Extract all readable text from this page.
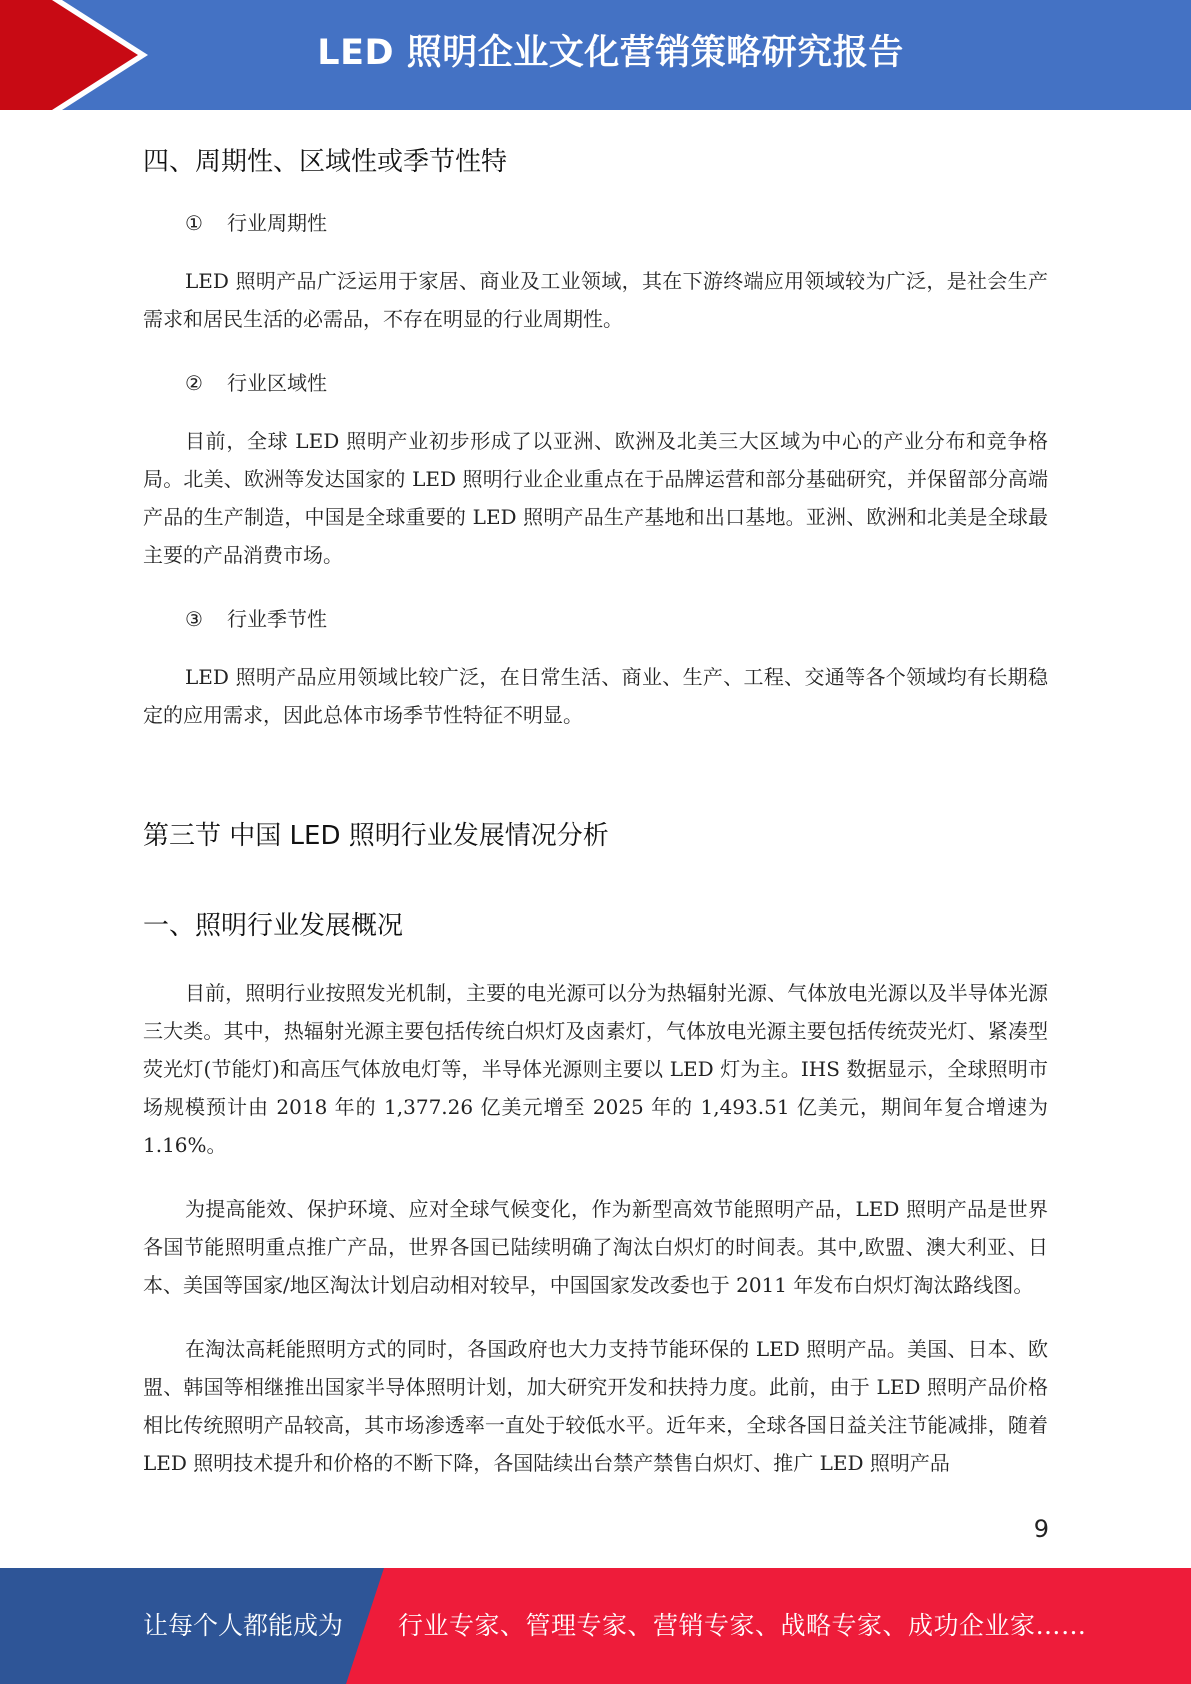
LED 照明企业文化营销策略研究报告
四、周期性、区域性或季节性特
① 行业周期性

LED 照明产品广泛运用于家居、商业及工业领域，其在下游终端应用领域较为广泛，是社会生产需求和居民生活的必需品，不存在明显的行业周期性。

② 行业区域性

目前，全球 LED 照明产业初步形成了以亚洲、欧洲及北美三大区域为中心的产业分布和竞争格局。北美、欧洲等发达国家的 LED 照明行业企业重点在于品牌运营和部分基础研究，并保留部分高端产品的生产制造，中国是全球重要的 LED 照明产品生产基地和出口基地。亚洲、欧洲和北美是全球最主要的产品消费市场。

③ 行业季节性

LED 照明产品应用领域比较广泛，在日常生活、商业、生产、工程、交通等各个领域均有长期稳定的应用需求，因此总体市场季节性特征不明显。

第三节 中国 LED 照明行业发展情况分析
一、照明行业发展概况

目前，照明行业按照发光机制，主要的电光源可以分为热辐射光源、气体放电光源以及半导体光源三大类。其中，热辐射光源主要包括传统白炽灯及卤素灯，气体放电光源主要包括传统荧光灯、紧凑型荧光灯(节能灯)和高压气体放电灯等，半导体光源则主要以 LED 灯为主。IHS 数据显示，全球照明市场规模预计由 2018 年的 1,377.26 亿美元增至 2025 年的 1,493.51 亿美元，期间年复合增速为 1.16%。

为提高能效、保护环境、应对全球气候变化，作为新型高效节能照明产品，LED 照明产品是世界各国节能照明重点推广产品，世界各国已陆续明确了淘汰白炽灯的时间表。其中,欧盟、澳大利亚、日本、美国等国家/地区淘汰计划启动相对较早，中国国家发改委也于 2011 年发布白炽灯淘汰路线图。

在淘汰高耗能照明方式的同时，各国政府也大力支持节能环保的 LED 照明产品。美国、日本、欧盟、韩国等相继推出国家半导体照明计划，加大研究开发和扶持力度。此前，由于 LED 照明产品价格相比传统照明产品较高，其市场渗透率一直处于较低水平。近年来，全球各国日益关注节能减排，随着 LED 照明技术提升和价格的不断下降，各国陆续出台禁产禁售白炽灯、推广 LED 照明产品

9
让每个人都能成为 行业专家、管理专家、营销专家、战略专家、成功企业家……
